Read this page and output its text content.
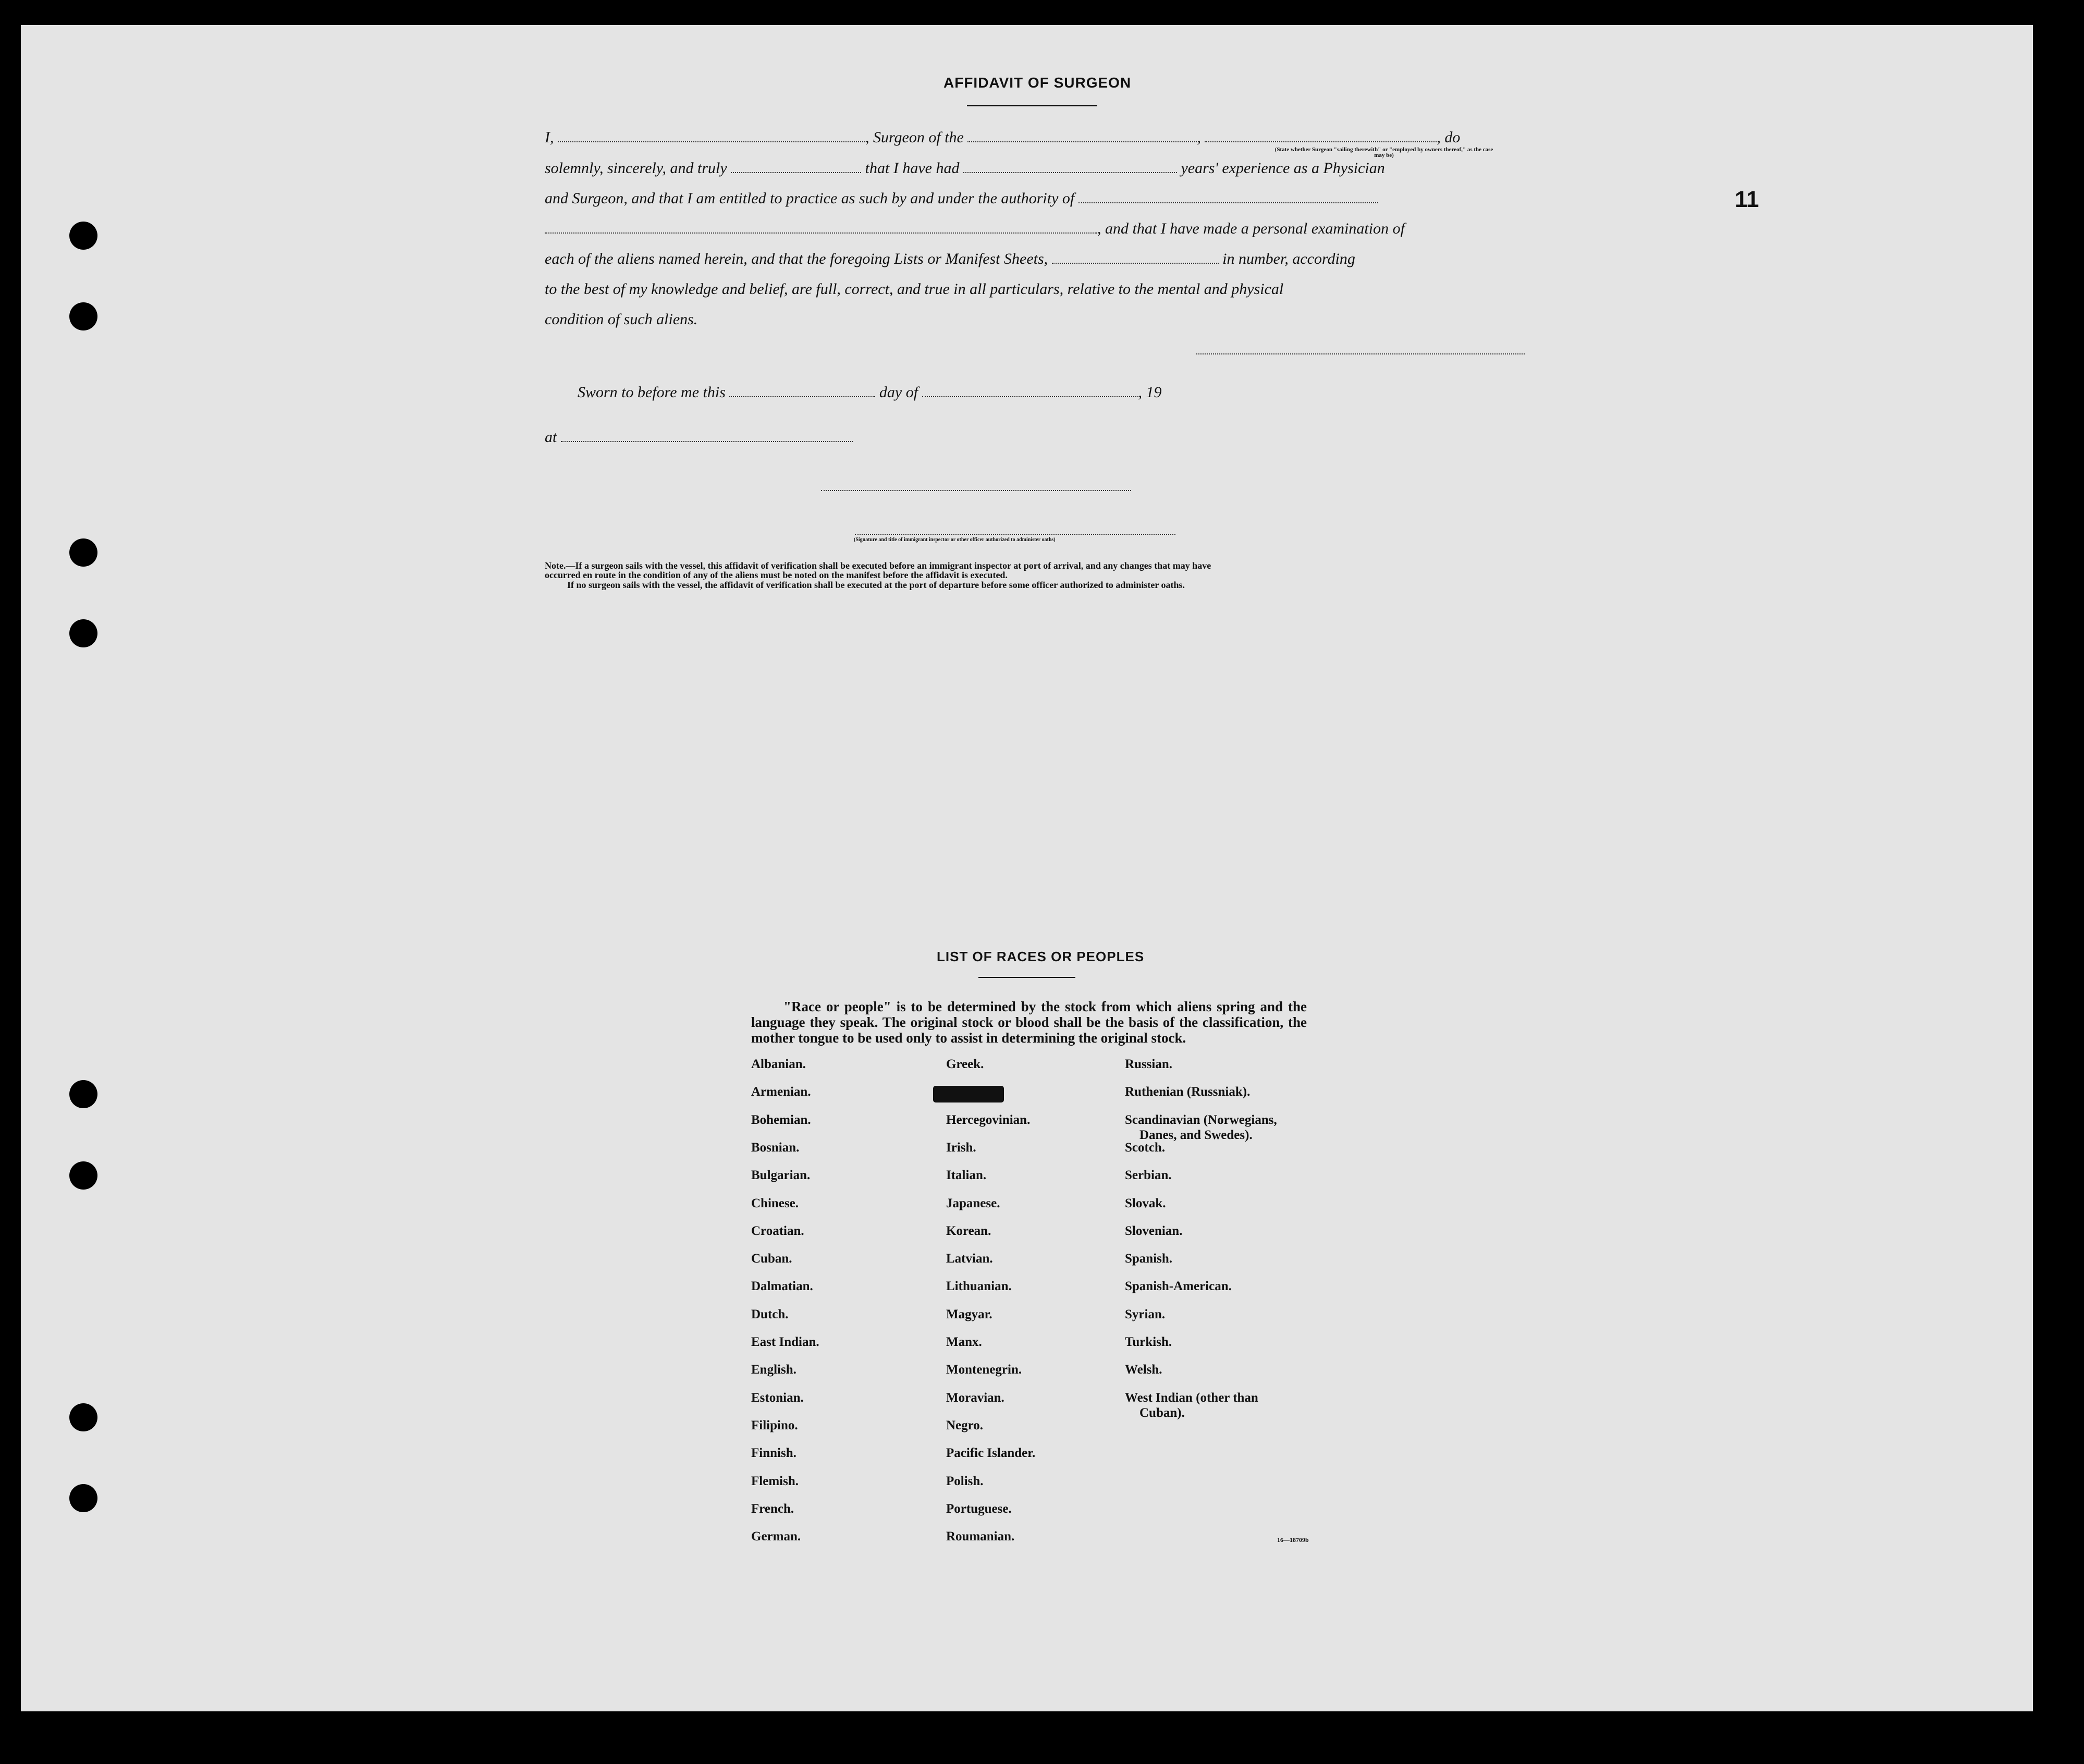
11
AFFIDAVIT OF SURGEON
I,	, Surgeon of the	,	, do
(State whether Surgeon "sailing therewith" or "employed by owners thereof," as the case may be)
solemnly, sincerely, and truly	that I have had	years' experience as a Physician
and Surgeon, and that I am entitled to practice as such by and under the authority of
, and that I have made a personal examination of
each of the aliens named herein, and that the foregoing Lists or Manifest Sheets,	in number, according
to the best of my knowledge and belief, are full, correct, and true in all particulars, relative to the mental and physical
condition of such aliens.
Sworn to before me this	day of	, 19
at
(Signature and title of immigrant inspector or other officer authorized to administer oaths)
Note.—If a surgeon sails with the vessel, this affidavit of verification shall be executed before an immigrant inspector at port of arrival, and any changes that may have
occurred en route in the condition of any of the aliens must be noted on the manifest before the affidavit is executed.
If no surgeon sails with the vessel, the affidavit of verification shall be executed at the port of departure before some officer authorized to administer oaths.
LIST OF RACES OR PEOPLES
"Race or people" is to be determined by the stock from which aliens spring and the language they speak. The original stock or blood shall be the basis of the classification, the mother tongue to be used only to assist in determining the original stock.
Albanian.
Armenian.
Bohemian.
Bosnian.
Bulgarian.
Chinese.
Croatian.
Cuban.
Dalmatian.
Dutch.
East Indian.
English.
Estonian.
Filipino.
Finnish.
Flemish.
French.
German.
Greek.
Hercegovinian.
Irish.
Italian.
Japanese.
Korean.
Latvian.
Lithuanian.
Magyar.
Manx.
Montenegrin.
Moravian.
Negro.
Pacific Islander.
Polish.
Portuguese.
Roumanian.
Russian.
Ruthenian (Russniak).
Scandinavian (Norwegians,
Danes, and Swedes).
Scotch.
Serbian.
Slovak.
Slovenian.
Spanish.
Spanish-American.
Syrian.
Turkish.
Welsh.
West Indian (other than
Cuban).
16—18709b
